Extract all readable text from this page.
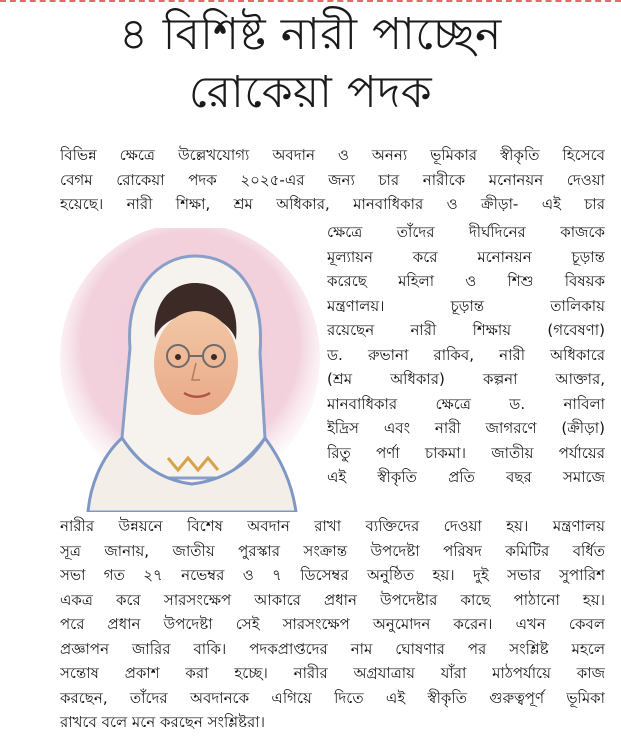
৪ বিশিষ্ট নারী পাচ্ছেন
রোকেয়া পদক
বিভিন্ন ক্ষেত্রে উল্লেখযোগ্য অবদান ও অনন্য ভূমিকার স্বীকৃতি হিসেবে
বেগম রোকেয়া পদক ২০২৫-এর জন্য চার নারীকে মনোনয়ন দেওয়া
হয়েছে। নারী শিক্ষা, শ্রম অধিকার, মানবাধিকার ও ক্রীড়া- এই চার
ক্ষেত্রে তাঁদের দীর্ঘদিনের কাজকে
মূল্যায়ন করে মনোনয়ন চূড়ান্ত
করেছে মহিলা ও শিশু বিষয়ক
মন্ত্রণালয়। চূড়ান্ত তালিকায়
রয়েছেন নারী শিক্ষায় (গবেষণা)
ড. রুভানা রাকিব, নারী অধিকারে
(শ্রম অধিকার) কল্পনা আক্তার,
মানবাধিকার ক্ষেত্রে ড. নাবিলা
ইদ্রিস এবং নারী জাগরণে (ক্রীড়া)
রিতু পর্ণা চাকমা। জাতীয় পর্যায়ের
এই স্বীকৃতি প্রতি বছর সমাজে
নারীর উন্নয়নে বিশেষ অবদান রাখা ব্যক্তিদের দেওয়া হয়। মন্ত্রণালয়
সূত্র জানায়, জাতীয় পুরস্কার সংক্রান্ত উপদেষ্টা পরিষদ কমিটির বর্ধিত
সভা গত ২৭ নভেম্বর ও ৭ ডিসেম্বর অনুষ্ঠিত হয়। দুই সভার সুপারিশ
একত্র করে সারসংক্ষেপ আকারে প্রধান উপদেষ্টার কাছে পাঠানো হয়।
পরে প্রধান উপদেষ্টা সেই সারসংক্ষেপ অনুমোদন করেন। এখন কেবল
প্রজ্ঞাপন জারির বাকি। পদকপ্রাপ্তদের নাম ঘোষণার পর সংশ্লিষ্ট মহলে
সন্তোষ প্রকাশ করা হচ্ছে। নারীর অগ্রযাত্রায় যাঁরা মাঠপর্যায়ে কাজ
করছেন, তাঁদের অবদানকে এগিয়ে দিতে এই স্বীকৃতি গুরুত্বপূর্ণ ভূমিকা
রাখবে বলে মনে করছেন সংশ্লিষ্টরা।
